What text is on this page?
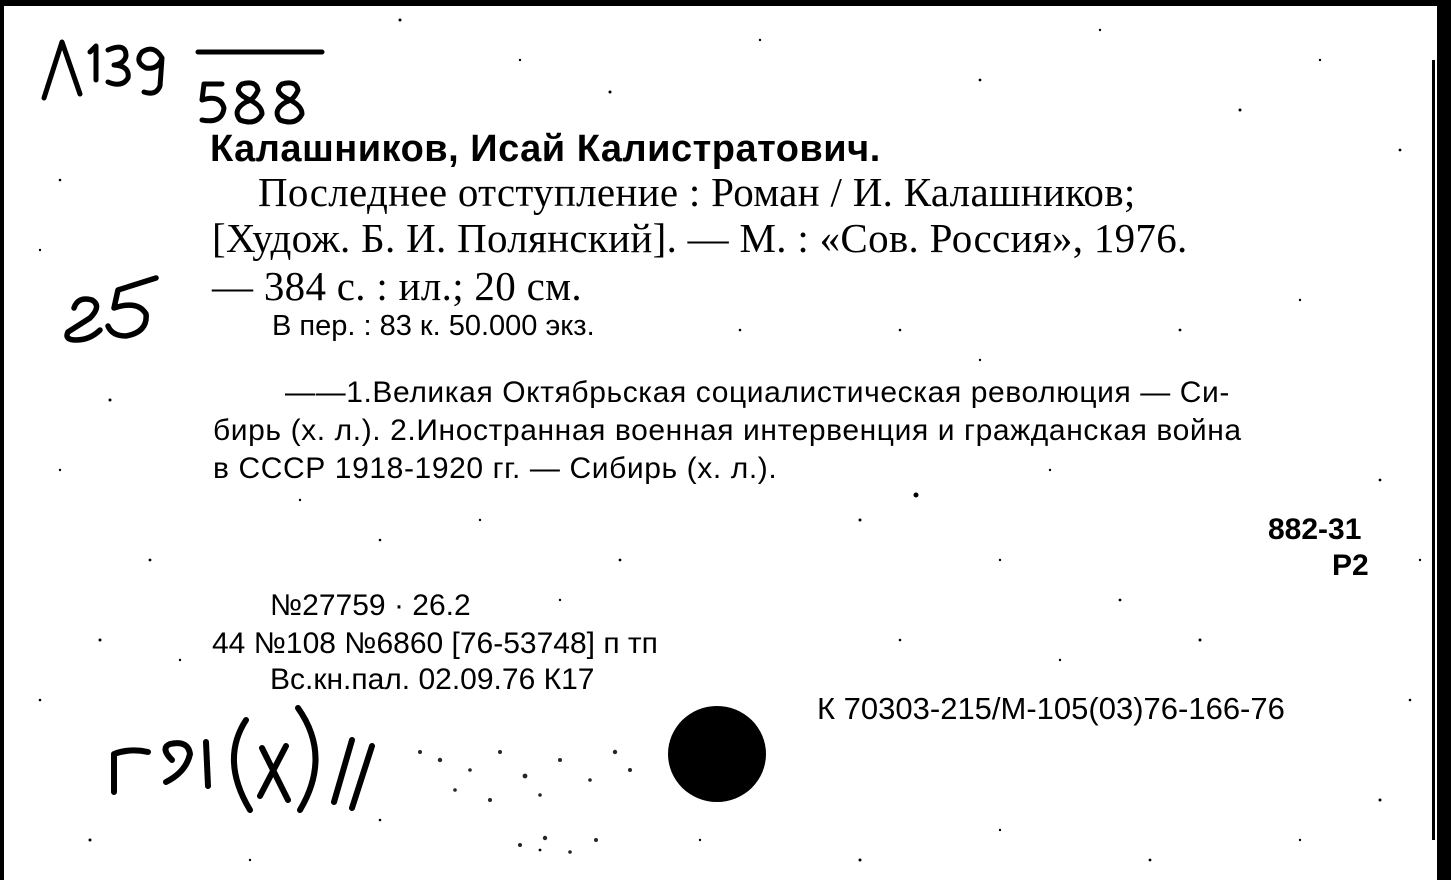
Калашников, Исай Калистратович.
Последнее отступление : Роман / И. Калашников;
[Худож. Б. И. Полянский]. — М. : «Сов. Россия», 1976.
— 384 с. : ил.; 20 см.
В пер. : 83 к. 50.000 экз.
——1.Великая Октябрьская социалистическая революция — Си-
бирь (х. л.). 2.Иностранная военная интервенция и гражданская война
в СССР 1918-1920 гг. — Сибирь (х. л.).
882-31
Р2
№27759 · 26.2
44 №108 №6860 [76-53748] п тп
Вс.кн.пал. 02.09.76 К17
К 70303-215/М-105(03)76-166-76
